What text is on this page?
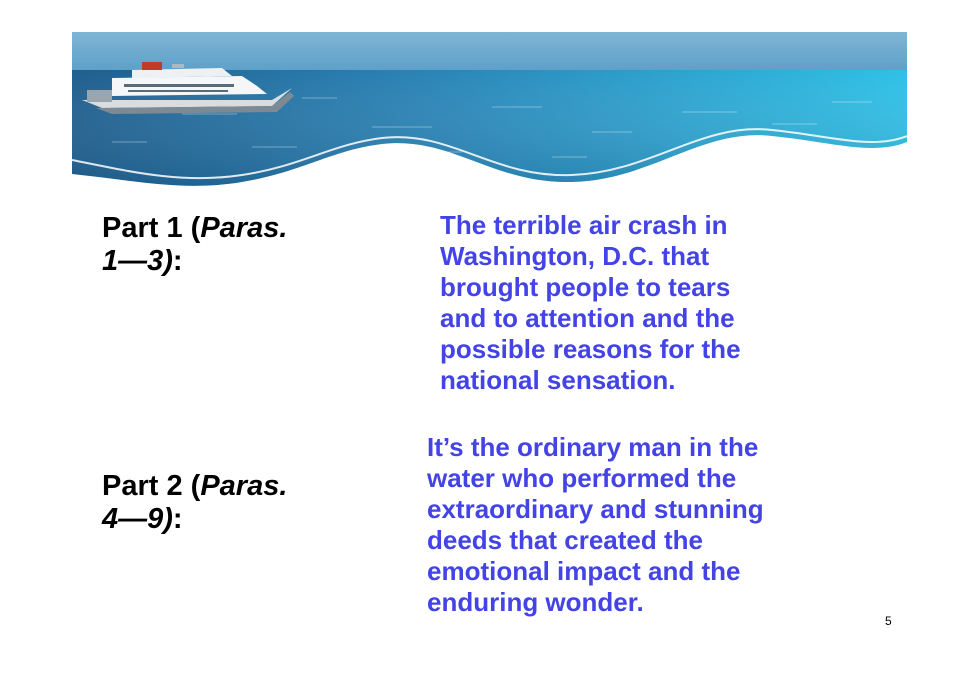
Part 1 (Paras.
1—3):
The terrible air crash in
Washington, D.C. that
brought people to tears
and to attention and the
possible reasons for the
national sensation.
Part 2 (Paras.
4—9):
It’s the ordinary man in the
water who performed the
extraordinary and stunning
deeds that created the
emotional impact and the
enduring wonder.
5
